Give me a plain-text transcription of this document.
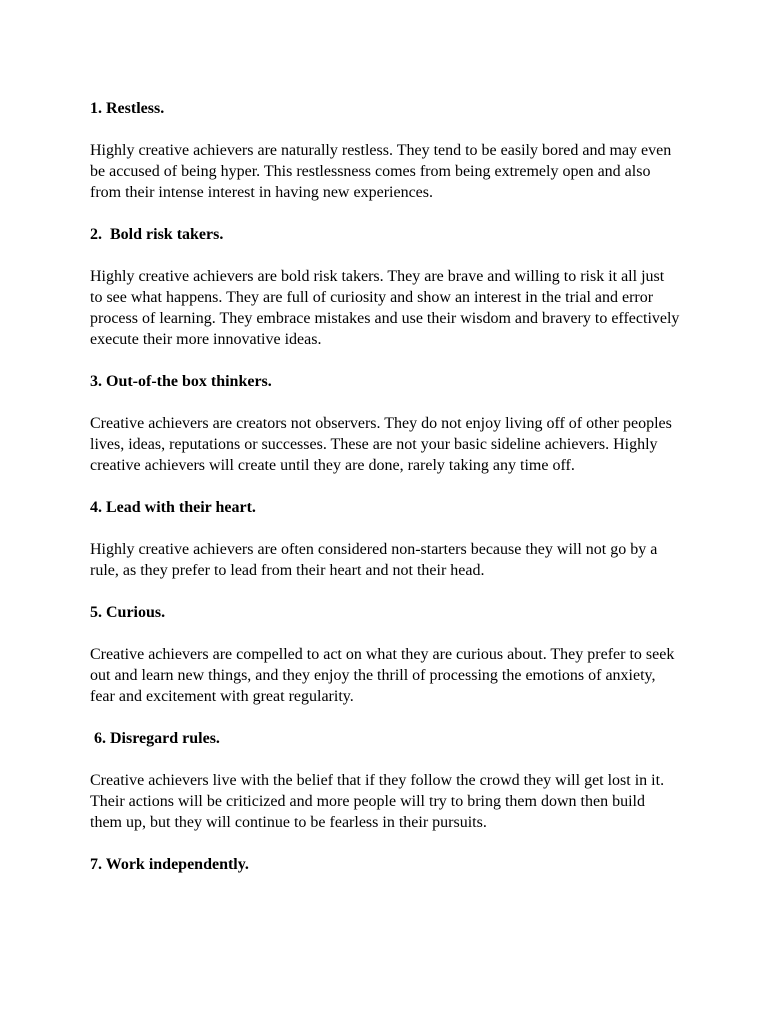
1. Restless.

Highly creative achievers are naturally restless. They tend to be easily bored and may even be accused of being hyper. This restlessness comes from being extremely open and also from their intense interest in having new experiences.

2.  Bold risk takers.

Highly creative achievers are bold risk takers. They are brave and willing to risk it all just to see what happens. They are full of curiosity and show an interest in the trial and error process of learning. They embrace mistakes and use their wisdom and bravery to effectively execute their more innovative ideas.

3. Out-of-the box thinkers.

Creative achievers are creators not observers. They do not enjoy living off of other peoples lives, ideas, reputations or successes. These are not your basic sideline achievers. Highly creative achievers will create until they are done, rarely taking any time off.

4. Lead with their heart.

Highly creative achievers are often considered non-starters because they will not go by a rule, as they prefer to lead from their heart and not their head.

5. Curious.

Creative achievers are compelled to act on what they are curious about. They prefer to seek out and learn new things, and they enjoy the thrill of processing the emotions of anxiety, fear and excitement with great regularity.

6. Disregard rules.

Creative achievers live with the belief that if they follow the crowd they will get lost in it. Their actions will be criticized and more people will try to bring them down then build them up, but they will continue to be fearless in their pursuits.

7. Work independently.
